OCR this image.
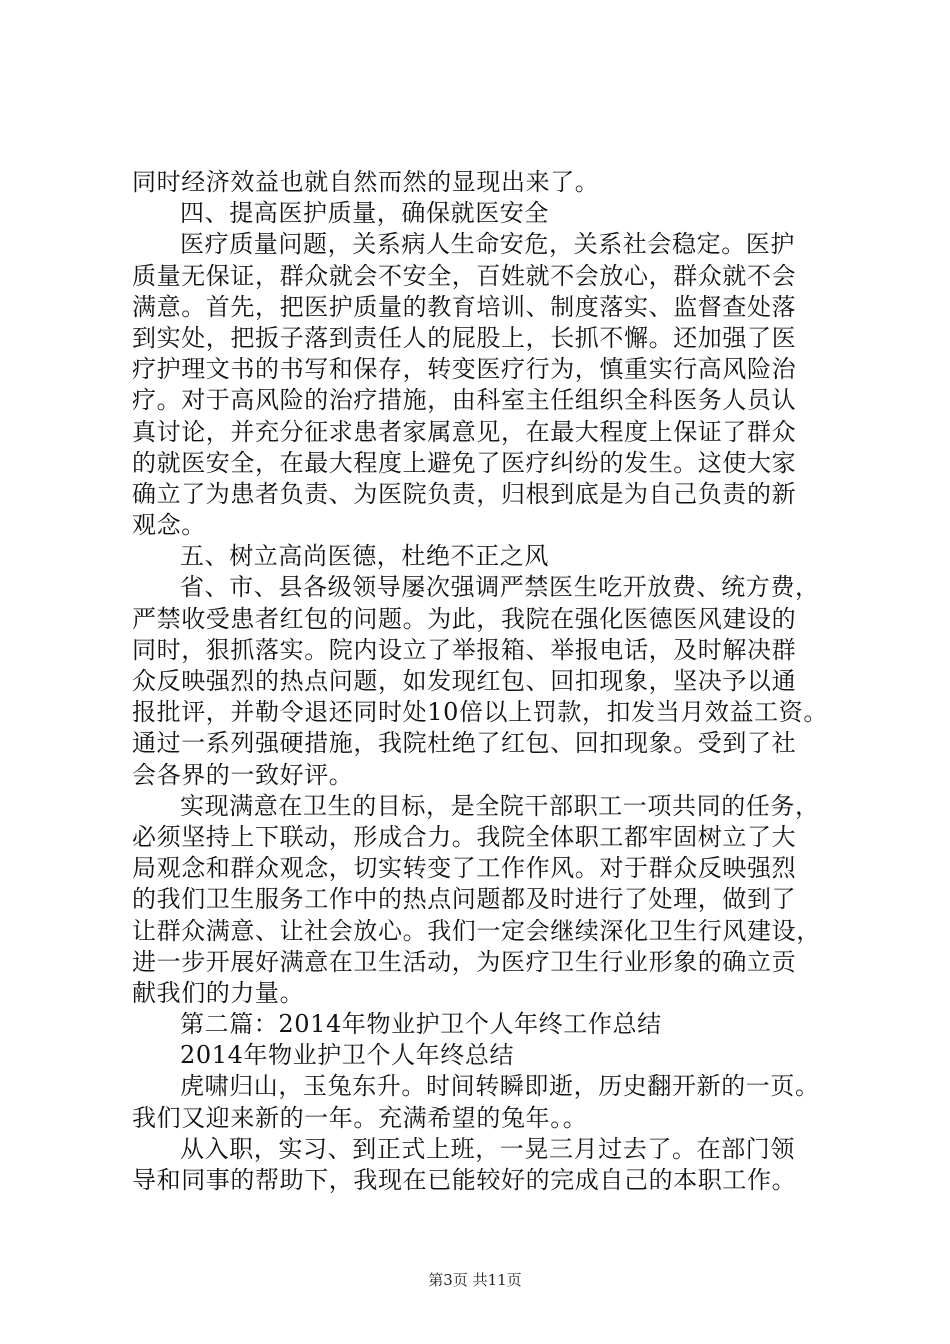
同时经济效益也就自然而然的显现出来了。
四、提高医护质量，确保就医安全
医疗质量问题，关系病人生命安危，关系社会稳定。医护
质量无保证，群众就会不安全，百姓就不会放心，群众就不会
满意。首先，把医护质量的教育培训、制度落实、监督查处落
到实处，把扳子落到责任人的屁股上，长抓不懈。还加强了医
疗护理文书的书写和保存，转变医疗行为，慎重实行高风险治
疗。对于高风险的治疗措施，由科室主任组织全科医务人员认
真讨论，并充分征求患者家属意见，在最大程度上保证了群众
的就医安全，在最大程度上避免了医疗纠纷的发生。这使大家
确立了为患者负责、为医院负责，归根到底是为自己负责的新
观念。
五、树立高尚医德，杜绝不正之风
省、市、县各级领导屡次强调严禁医生吃开放费、统方费，
严禁收受患者红包的问题。为此，我院在强化医德医风建设的
同时，狠抓落实。院内设立了举报箱、举报电话，及时解决群
众反映强烈的热点问题，如发现红包、回扣现象，坚决予以通
报批评，并勒令退还同时处10倍以上罚款，扣发当月效益工资。
通过一系列强硬措施，我院杜绝了红包、回扣现象。受到了社
会各界的一致好评。
实现满意在卫生的目标，是全院干部职工一项共同的任务，
必须坚持上下联动，形成合力。我院全体职工都牢固树立了大
局观念和群众观念，切实转变了工作作风。对于群众反映强烈
的我们卫生服务工作中的热点问题都及时进行了处理，做到了
让群众满意、让社会放心。我们一定会继续深化卫生行风建设，
进一步开展好满意在卫生活动，为医疗卫生行业形象的确立贡
献我们的力量。
第二篇：2014年物业护卫个人年终工作总结
2014年物业护卫个人年终总结
虎啸归山，玉兔东升。时间转瞬即逝，历史翻开新的一页。
我们又迎来新的一年。充满希望的兔年。。
从入职，实习、到正式上班，一晃三月过去了。在部门领
导和同事的帮助下，我现在已能较好的完成自己的本职工作。
第3页 共11页
